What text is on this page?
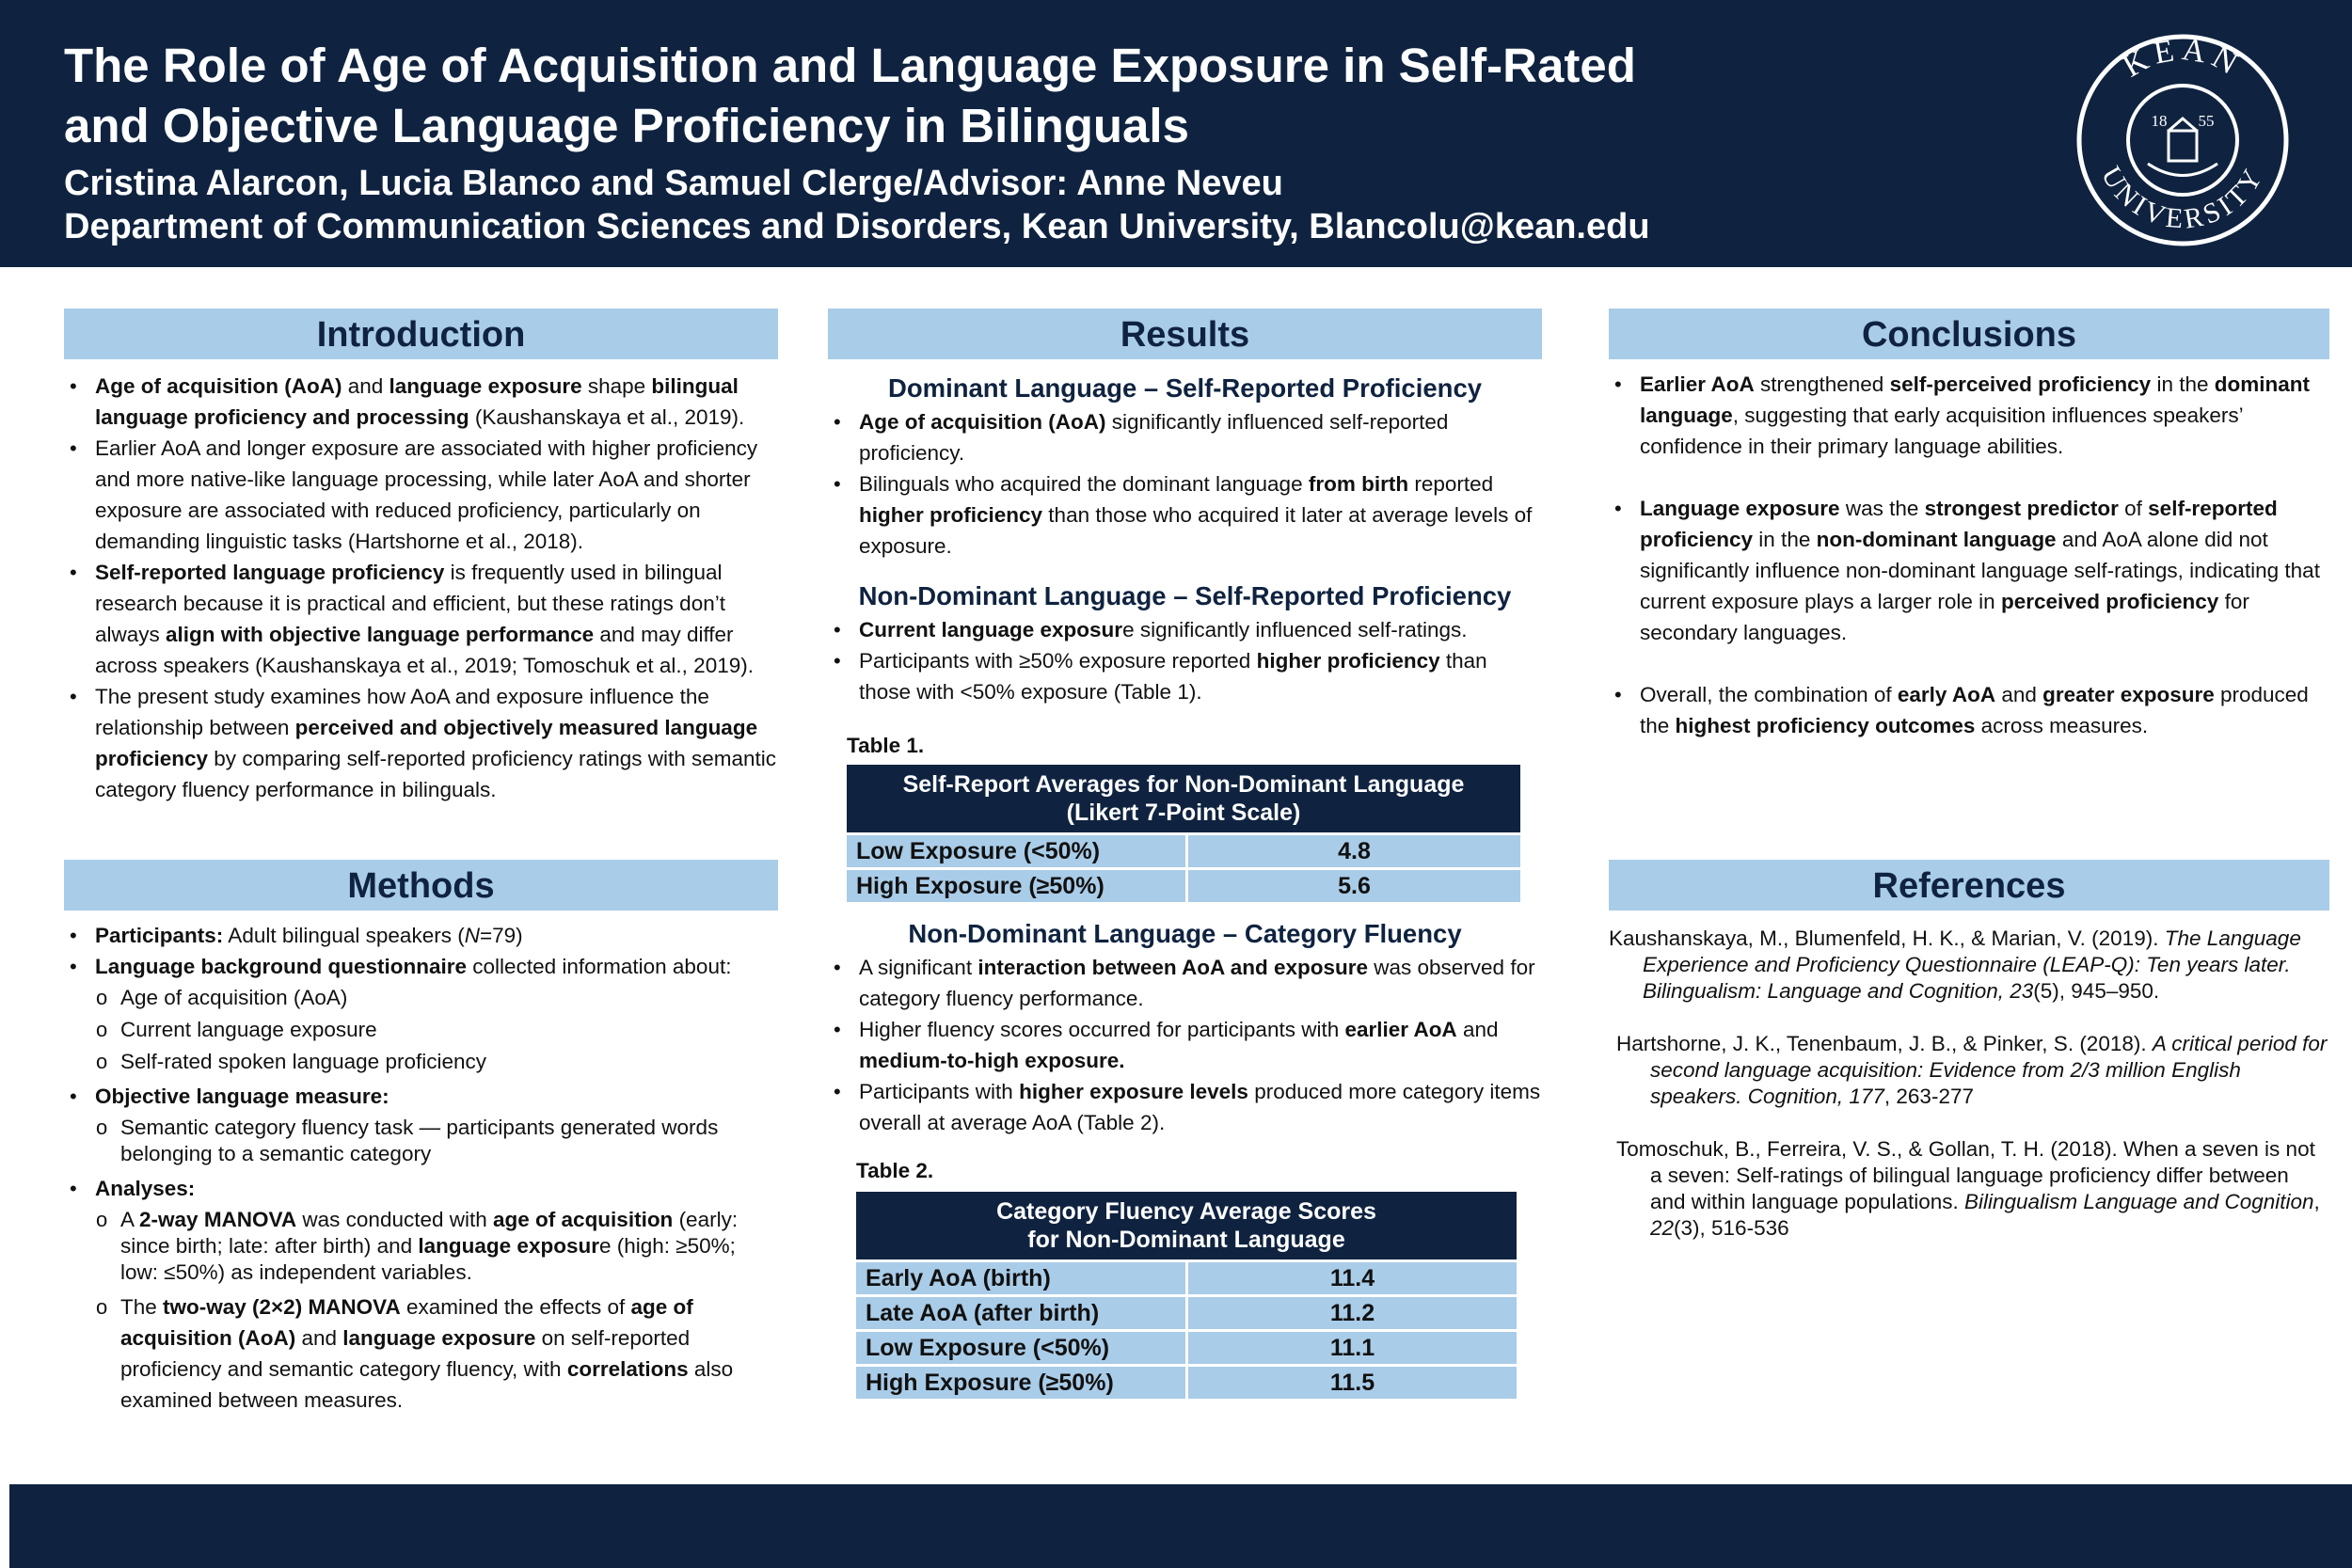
The Role of Age of Acquisition and Language Exposure in Self-Rated
and Objective Language Proficiency in Bilinguals

Cristina Alarcon, Lucia Blanco and Samuel Clerge/Advisor: Anne Neveu

Department of Communication Sciences and Disorders, Kean University, Blancolu@kean.edu

KEAN
UNIVERSITY
18 55
Introduction
• Age of acquisition (AoA) and language exposure shape bilingual language proficiency and processing (Kaushanskaya et al., 2019).
• Earlier AoA and longer exposure are associated with higher proficiency and more native-like language processing, while later AoA and shorter exposure are associated with reduced proficiency, particularly on demanding linguistic tasks (Hartshorne et al., 2018).
• Self-reported language proficiency is frequently used in bilingual research because it is practical and efficient, but these ratings don’t always align with objective language performance and may differ across speakers (Kaushanskaya et al., 2019; Tomoschuk et al., 2019).
• The present study examines how AoA and exposure influence the relationship between perceived and objectively measured language proficiency by comparing self-reported proficiency ratings with semantic category fluency performance in bilinguals.
Methods
• Participants: Adult bilingual speakers (N=79)
• Language background questionnaire collected information about:
o Age of acquisition (AoA)
o Current language exposure
o Self-rated spoken language proficiency
• Objective language measure:
o Semantic category fluency task — participants generated words belonging to a semantic category
• Analyses:
o A 2-way MANOVA was conducted with age of acquisition (early: since birth; late: after birth) and language exposure (high: ≥50%; low: ≤50%) as independent variables.
o The two-way (2×2) MANOVA examined the effects of age of acquisition (AoA) and language exposure on self-reported proficiency and semantic category fluency, with correlations also examined between measures.
Results
Dominant Language – Self-Reported Proficiency
• Age of acquisition (AoA) significantly influenced self-reported proficiency.
• Bilinguals who acquired the dominant language from birth reported higher proficiency than those who acquired it later at average levels of exposure.
Non-Dominant Language – Self-Reported Proficiency
• Current language exposure significantly influenced self-ratings.
• Participants with ≥50% exposure reported higher proficiency than those with <50% exposure (Table 1).

Table 1.

Self-Report Averages for Non-Dominant Language
(Likert 7-Point Scale)	
Low Exposure (<50%)	4.8
High Exposure (≥50%)	5.6
Non-Dominant Language – Category Fluency
• A significant interaction between AoA and exposure was observed for category fluency performance.
• Higher fluency scores occurred for participants with earlier AoA and medium-to-high exposure.
• Participants with higher exposure levels produced more category items overall at average AoA (Table 2).

Table 2.

Category Fluency Average Scores
for Non-Dominant Language	
Early AoA (birth)	11.4
Late AoA (after birth)	11.2
Low Exposure (<50%)	11.1
High Exposure (≥50%)	11.5
Conclusions
• Earlier AoA strengthened self-perceived proficiency in the dominant language, suggesting that early acquisition influences speakers’ confidence in their primary language abilities.
• Language exposure was the strongest predictor of self-reported proficiency in the non-dominant language and AoA alone did not significantly influence non-dominant language self-ratings, indicating that current exposure plays a larger role in perceived proficiency for secondary languages.
• Overall, the combination of early AoA and greater exposure produced the highest proficiency outcomes across measures.
References

Kaushanskaya, M., Blumenfeld, H. K., & Marian, V. (2019). The Language Experience and Proficiency Questionnaire (LEAP-Q): Ten years later. Bilingualism: Language and Cognition, 23(5), 945–950.

Hartshorne, J. K., Tenenbaum, J. B., & Pinker, S. (2018). A critical period for second language acquisition: Evidence from 2/3 million English speakers. Cognition, 177, 263-277

Tomoschuk, B., Ferreira, V. S., & Gollan, T. H. (2018). When a seven is not a seven: Self-ratings of bilingual language proficiency differ between and within language populations. Bilingualism Language and Cognition, 22(3), 516-536
